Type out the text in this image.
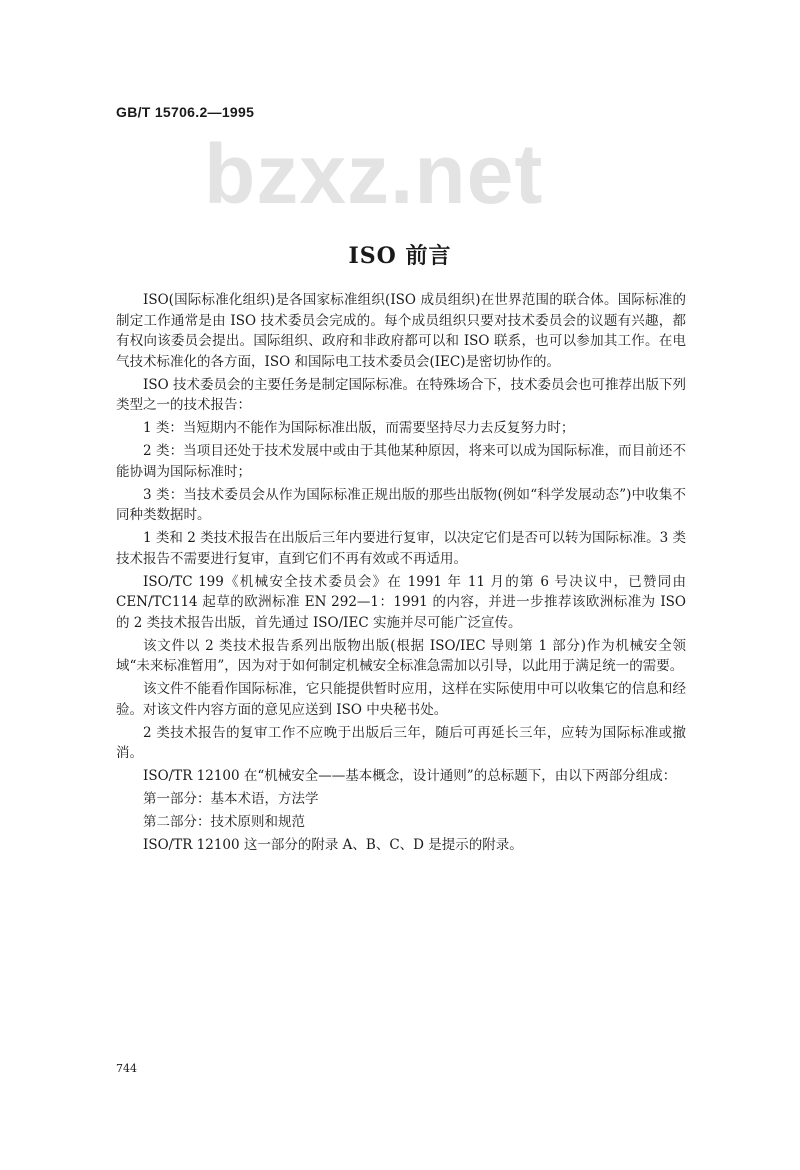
GB/T 15706.2—1995
bzxz.net
ISO 前言

ISO(国际标准化组织)是各国家标准组织(ISO 成员组织)在世界范围的联合体。国际标准的制定工作通常是由 ISO 技术委员会完成的。每个成员组织只要对技术委员会的议题有兴趣，都有权向该委员会提出。国际组织、政府和非政府都可以和 ISO 联系，也可以参加其工作。在电气技术标准化的各方面，ISO 和国际电工技术委员会(IEC)是密切协作的。

ISO 技术委员会的主要任务是制定国际标准。在特殊场合下，技术委员会也可推荐出版下列类型之一的技术报告：

1 类：当短期内不能作为国际标准出版，而需要坚持尽力去反复努力时；

2 类：当项目还处于技术发展中或由于其他某种原因，将来可以成为国际标准，而目前还不能协调为国际标准时；

3 类：当技术委员会从作为国际标准正规出版的那些出版物(例如“科学发展动态”)中收集不同种类数据时。

1 类和 2 类技术报告在出版后三年内要进行复审，以决定它们是否可以转为国际标准。3 类技术报告不需要进行复审，直到它们不再有效或不再适用。

ISO/TC 199《机械安全技术委员会》在 1991 年 11 月的第 6 号决议中，已赞同由 CEN/TC114 起草的欧洲标准 EN 292—1：1991 的内容，并进一步推荐该欧洲标准为 ISO 的 2 类技术报告出版，首先通过 ISO/IEC 实施并尽可能广泛宣传。

该文件以 2 类技术报告系列出版物出版(根据 ISO/IEC 导则第 1 部分)作为机械安全领域“未来标准暂用”，因为对于如何制定机械安全标准急需加以引导，以此用于满足统一的需要。

该文件不能看作国际标准，它只能提供暂时应用，这样在实际使用中可以收集它的信息和经验。对该文件内容方面的意见应送到 ISO 中央秘书处。

2 类技术报告的复审工作不应晚于出版后三年，随后可再延长三年，应转为国际标准或撤消。

ISO/TR 12100 在“机械安全——基本概念，设计通则”的总标题下，由以下两部分组成：

第一部分：基本术语，方法学

第二部分：技术原则和规范

ISO/TR 12100 这一部分的附录 A、B、C、D 是提示的附录。

744
